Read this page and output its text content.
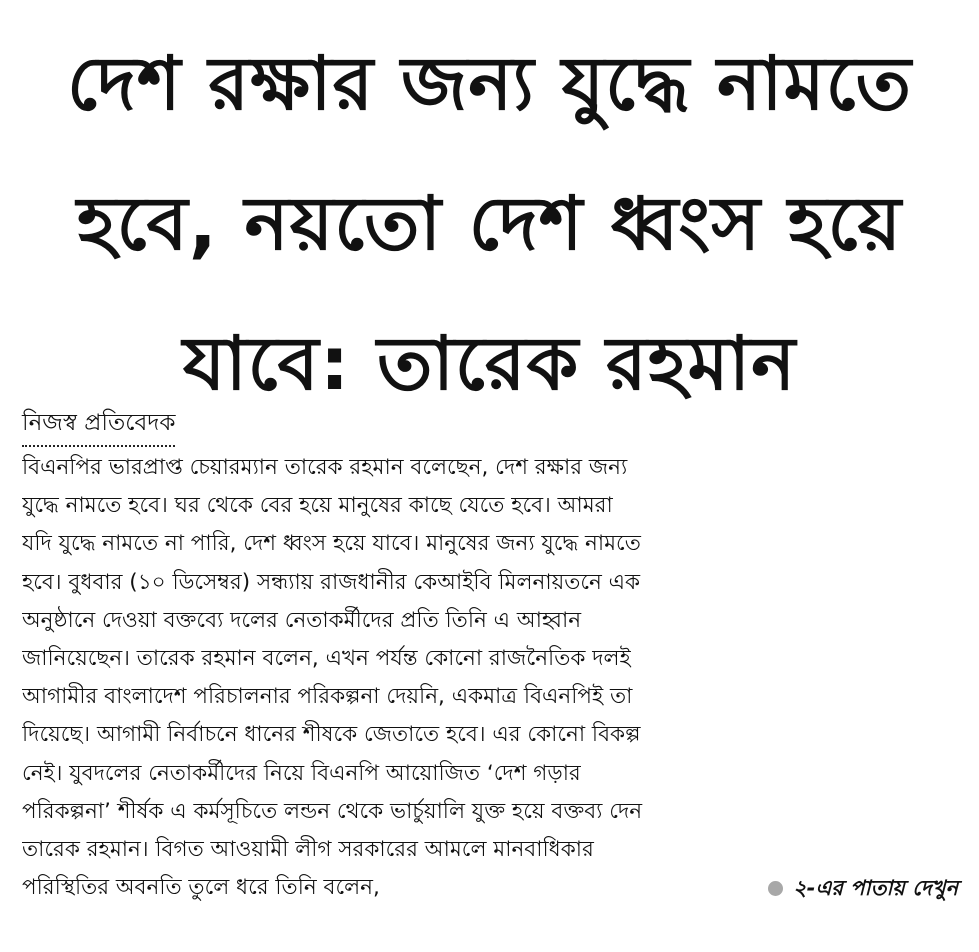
দেশ রক্ষার জন্য যুদ্ধে নামতে
হবে, নয়তো দেশ ধ্বংস হয়ে
যাবে: তারেক রহমান
নিজস্ব প্রতিবেদক
বিএনপির ভারপ্রাপ্ত চেয়ারম্যান তারেক রহমান বলেছেন, দেশ রক্ষার জন্য
যুদ্ধে নামতে হবে। ঘর থেকে বের হয়ে মানুষের কাছে যেতে হবে। আমরা
যদি যুদ্ধে নামতে না পারি, দেশ ধ্বংস হয়ে যাবে। মানুষের জন্য যুদ্ধে নামতে
হবে। বুধবার (১০ ডিসেম্বর) সন্ধ্যায় রাজধানীর কেআইবি মিলনায়তনে এক
অনুষ্ঠানে দেওয়া বক্তব্যে দলের নেতাকর্মীদের প্রতি তিনি এ আহ্বান
জানিয়েছেন। তারেক রহমান বলেন, এখন পর্যন্ত কোনো রাজনৈতিক দলই
আগামীর বাংলাদেশ পরিচালনার পরিকল্পনা দেয়নি, একমাত্র বিএনপিই তা
দিয়েছে। আগামী নির্বাচনে ধানের শীষকে জেতাতে হবে। এর কোনো বিকল্প
নেই। যুবদলের নেতাকর্মীদের নিয়ে বিএনপি আয়োজিত ‘দেশ গড়ার
পরিকল্পনা’ শীর্ষক এ কর্মসূচিতে লন্ডন থেকে ভার্চুয়ালি যুক্ত হয়ে বক্তব্য দেন
তারেক রহমান। বিগত আওয়ামী লীগ সরকারের আমলে মানবাধিকার
পরিস্থিতির অবনতি তুলে ধরে তিনি বলেন,	২-এর পাতায় দেখুন
